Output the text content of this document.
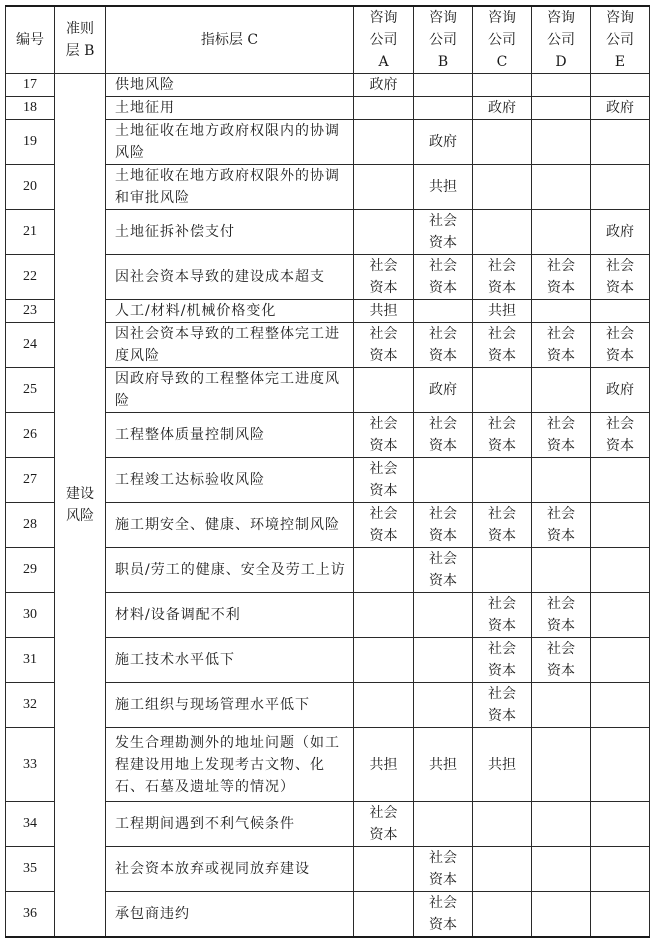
编号	准则层 B	指标层 C	咨询公司 A	咨询公司 B	咨询公司 C	咨询公司 D	咨询公司 E
17	建设风险	供地风险	政府				
18		土地征用			政府		政府
19		土地征收在地方政府权限内的协调风险		政府			
20		土地征收在地方政府权限外的协调和审批风险		共担			
21		土地征拆补偿支付		社会资本			政府
22		因社会资本导致的建设成本超支	社会资本	社会资本	社会资本	社会资本	社会资本
23		人工/材料/机械价格变化	共担		共担		
24		因社会资本导致的工程整体完工进度风险	社会资本	社会资本	社会资本	社会资本	社会资本
25		因政府导致的工程整体完工进度风险		政府			政府
26		工程整体质量控制风险	社会资本	社会资本	社会资本	社会资本	社会资本
27		工程竣工达标验收风险	社会资本				
28		施工期安全、健康、环境控制风险	社会资本	社会资本	社会资本	社会资本	
29		职员/劳工的健康、安全及劳工上访		社会资本			
30		材料/设备调配不利			社会资本	社会资本	
31		施工技术水平低下			社会资本	社会资本	
32		施工组织与现场管理水平低下			社会资本		
33		发生合理勘测外的地址问题（如工程建设用地上发现考古文物、化石、石墓及遗址等的情况）	共担	共担	共担		
34		工程期间遇到不利气候条件	社会资本				
35		社会资本放弃或视同放弃建设		社会资本			
36		承包商违约		社会资本			
